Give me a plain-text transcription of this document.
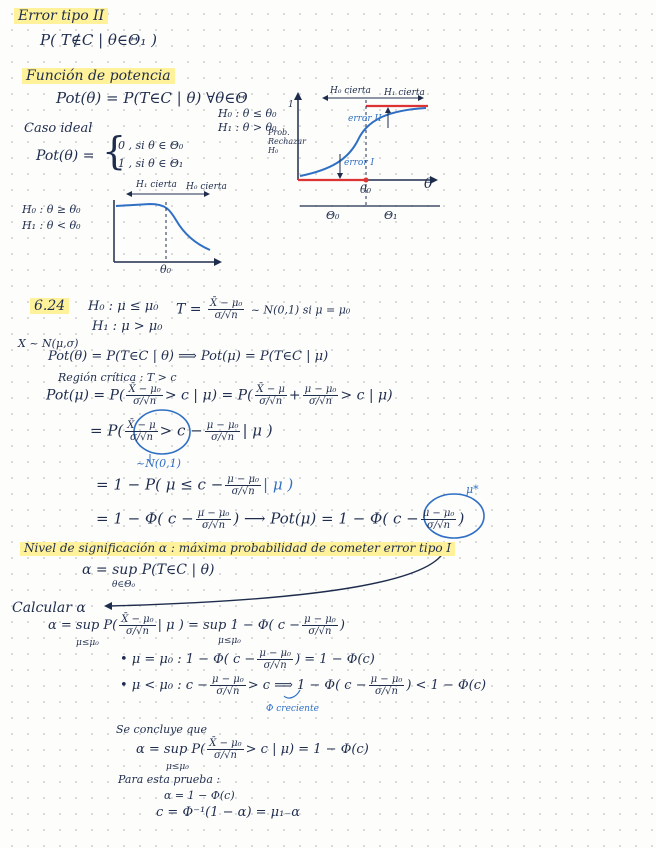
Error tipo II
P( T∉C | θ∈Θ₁ )
Función de potencia
Pot(θ) = P(T∈C | θ) ∀θ∈Θ
H₀ : θ ≤ θ₀
H₁ : θ > θ₀
Caso ideal
Pot(θ) = {
0 , si θ ∈ Θ₀
1 , si θ ∈ Θ₁
H₀ cierta H₁ cierta
Prob. Rechazar H₀
1
error II
error I
θ₀	θ
Θ₀	Θ₁
H₁ cierta H₀ cierta
H₀ : θ ≥ θ₀
H₁ : θ < θ₀
θ₀
6.24	H₀ : μ ≤ μ₀
H₁ : μ > μ₀
$T = \frac{\text{X̄ − μ₀}}{\sigma/√n}$ ~ N(0,1) si μ = μ₀
X ~ N(μ,σ)
Pot(θ) = P(T∈C | θ) ⟹ Pot(μ) = P(T∈C | μ)
Región crítica : T > c
$Pot(\mu) = P( \frac{\text{X̄ − μ₀}}{\sigma/√n} > c$ | $\mu) = P( \frac{X̄ - \mu}{\sigma/√n} + \frac{\text{μ − μ₀}}{\sigma/√n} > c$ | μ)
= $P( \frac{X̄ - \mu}{\sigma/√n} > c - \frac{\text{μ − μ₀}}{\sigma/√n}$ | μ )
~N(0,1)
= 1 − P( $\mu \le c - \frac{\text{μ − μ₀}}{\sigma/√n}$ | μ )	μ*
= 1 − Φ( $c - \frac{\text{μ − μ₀}}{\sigma/√n}$ ) ⟶ Pot(μ) = 1 − Φ( $c - \frac{\text{μ − μ₀}}{\sigma/√n}$ )
Nivel de significación α : máxima probabilidad de cometer error tipo I
α = sup P(T∈C | θ)
θ∈Θ₀
Calcular α
α = sup $P( \frac{\text{X̄ − μ₀}}{\sigma/√n}$ | μ ) = sup 1 − Φ( $c - \frac{\text{μ − μ₀}}{\sigma/√n}$ )
μ≤μ₀	μ≤μ₀
• μ = μ₀ : 1 − Φ( $c - \frac{\text{μ − μ₀}}{\sigma/√n}$ ) = 1 − Φ(c)
• μ < μ₀ : $c - \frac{\text{μ − μ₀}}{\sigma/√n} > c$ ⟹ 1 − Φ( $c - \frac{\text{μ − μ₀}}{\sigma/√n}$ ) < 1 − Φ(c)
Φ creciente
Se concluye que
α = sup $P( \frac{\text{X̄ − μ₀}}{\sigma/√n} > c$ | μ) = 1 − Φ(c)
μ≤μ₀
Para esta prueba :
α = 1 − Φ(c)
c = Φ⁻¹(1 − α) = μ₁₋α
